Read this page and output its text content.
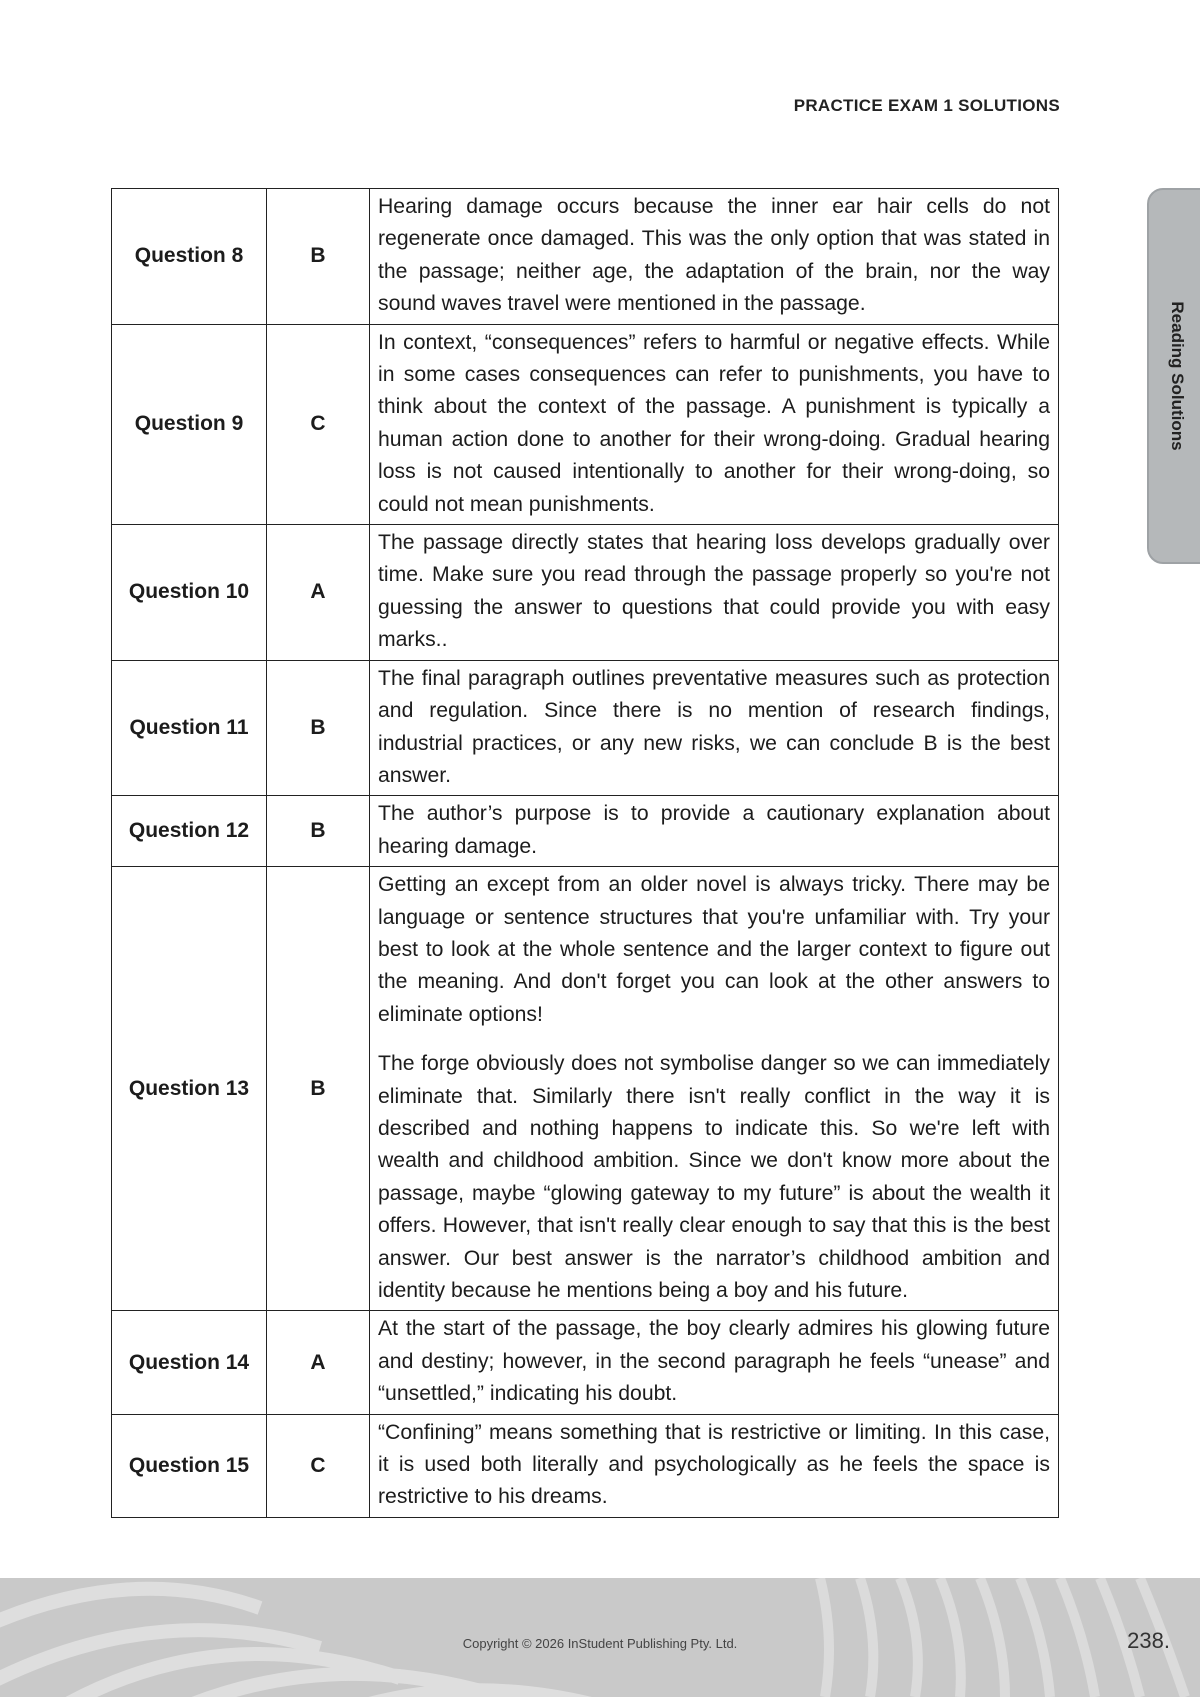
PRACTICE EXAM 1 SOLUTIONS
Reading Solutions
Question 8	B	Hearing damage occurs because the inner ear hair cells do not regenerate once damaged. This was the only option that was stated in the passage; neither age, the adaptation of the brain, nor the way sound waves travel were mentioned in the passage.

Question 9	C	In context, “consequences” refers to harmful or negative effects. While in some cases consequences can refer to punishments, you have to think about the context of the passage. A punishment is typically a human action done to another for their wrong-doing. Gradual hearing loss is not caused intentionally to another for their wrong-doing, so could not mean punishments.

Question 10	A	The passage directly states that hearing loss develops gradually over time. Make sure you read through the passage properly so you're not guessing the answer to questions that could provide you with easy marks..

Question 11	B	The final paragraph outlines preventative measures such as protection and regulation. Since there is no mention of research findings, industrial practices, or any new risks, we can conclude B is the best answer.

Question 12	B	The author’s purpose is to provide a cautionary explanation about hearing damage.

Question 13	B	Getting an except from an older novel is always tricky. There may be language or sentence structures that you're unfamiliar with. Try your best to look at the whole sentence and the larger context to figure out the meaning. And don't forget you can look at the other answers to eliminate options!

The forge obviously does not symbolise danger so we can immediately eliminate that. Similarly there isn't really conflict in the way it is described and nothing happens to indicate this. So we're left with wealth and childhood ambition. Since we don't know more about the passage, maybe “glowing gateway to my future” is about the wealth it offers. However, that isn't really clear enough to say that this is the best answer. Our best answer is the narrator’s childhood ambition and identity because he mentions being a boy and his future.

Question 14	A	At the start of the passage, the boy clearly admires his glowing future and destiny; however, in the second paragraph he feels “unease” and “unsettled,” indicating his doubt.

Question 15	C	“Confining” means something that is restrictive or limiting. In this case, it is used both literally and psychologically as he feels the space is restrictive to his dreams.

Copyright © 2026 InStudent Publishing Pty. Ltd.	238.
